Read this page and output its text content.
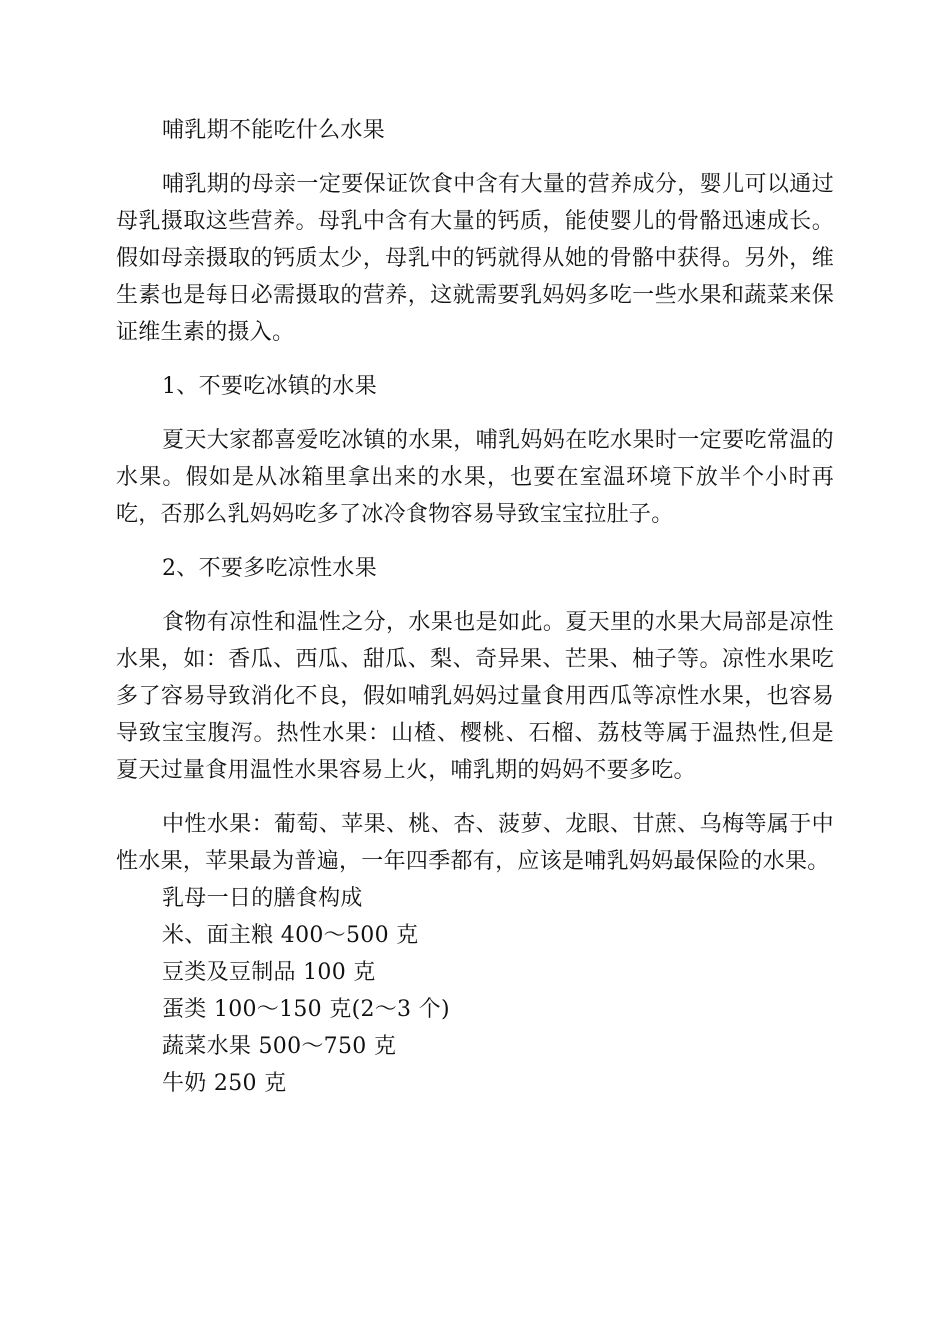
哺乳期不能吃什么水果

哺乳期的母亲一定要保证饮食中含有大量的营养成分，婴儿可以通过母乳摄取这些营养。母乳中含有大量的钙质，能使婴儿的骨骼迅速成长。假如母亲摄取的钙质太少，母乳中的钙就得从她的骨骼中获得。另外，维生素也是每日必需摄取的营养，这就需要乳妈妈多吃一些水果和蔬菜来保证维生素的摄入。

1、不要吃冰镇的水果

夏天大家都喜爱吃冰镇的水果，哺乳妈妈在吃水果时一定要吃常温的水果。假如是从冰箱里拿出来的水果，也要在室温环境下放半个小时再吃，否那么乳妈妈吃多了冰冷食物容易导致宝宝拉肚子。

2、不要多吃凉性水果

食物有凉性和温性之分，水果也是如此。夏天里的水果大局部是凉性水果，如：香瓜、西瓜、甜瓜、梨、奇异果、芒果、柚子等。凉性水果吃多了容易导致消化不良，假如哺乳妈妈过量食用西瓜等凉性水果，也容易导致宝宝腹泻。热性水果：山楂、樱桃、石榴、荔枝等属于温热性,但是夏天过量食用温性水果容易上火，哺乳期的妈妈不要多吃。

中性水果：葡萄、苹果、桃、杏、菠萝、龙眼、甘蔗、乌梅等属于中性水果，苹果最为普遍，一年四季都有，应该是哺乳妈妈最保险的水果。

乳母一日的膳食构成

米、面主粮 400～500 克

豆类及豆制品 100 克

蛋类 100～150 克(2～3 个)

蔬菜水果 500～750 克

牛奶 250 克
